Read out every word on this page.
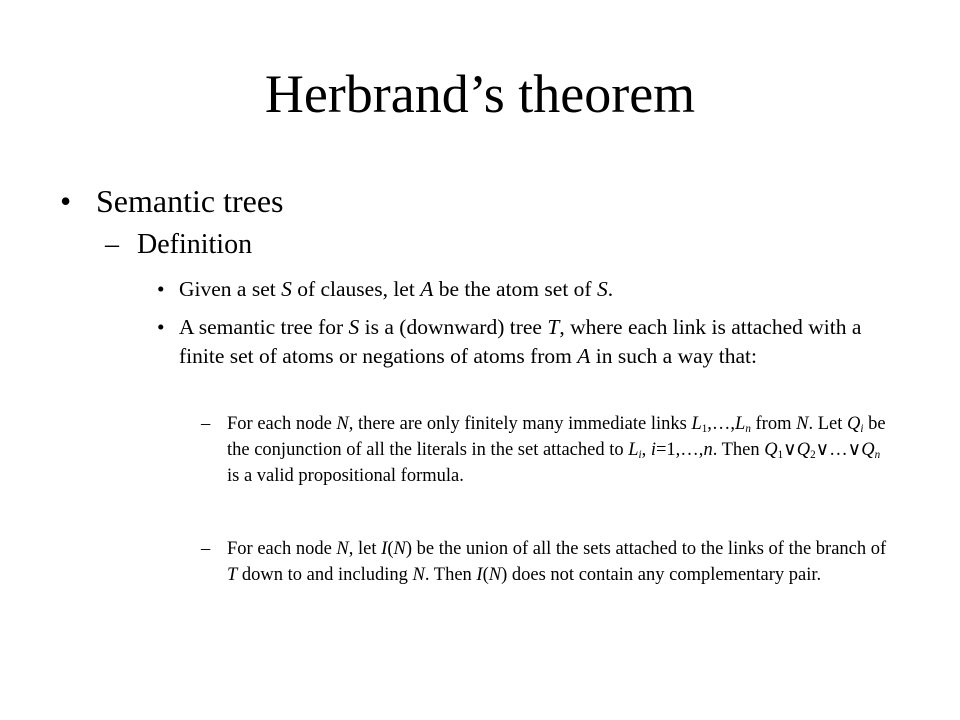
Herbrand’s theorem
• Semantic trees
– Definition
• Given a set S of clauses, let A be the atom set of S.
• A semantic tree for S is a (downward) tree T, where each link is attached with a finite set of atoms or negations of atoms from A in such a way that:
– For each node N, there are only finitely many immediate links $L_1,\dots,L_n$ from N. Let $Q_i$ be the conjunction of all the literals in the set attached to $L_i$, i=1,…,n. Then $Q_1\vee Q_2\vee\dots\vee Q_n$ is a valid propositional formula.
– For each node N, let I(N) be the union of all the sets attached to the links of the branch of T down to and including N. Then I(N) does not contain any complementary pair.
